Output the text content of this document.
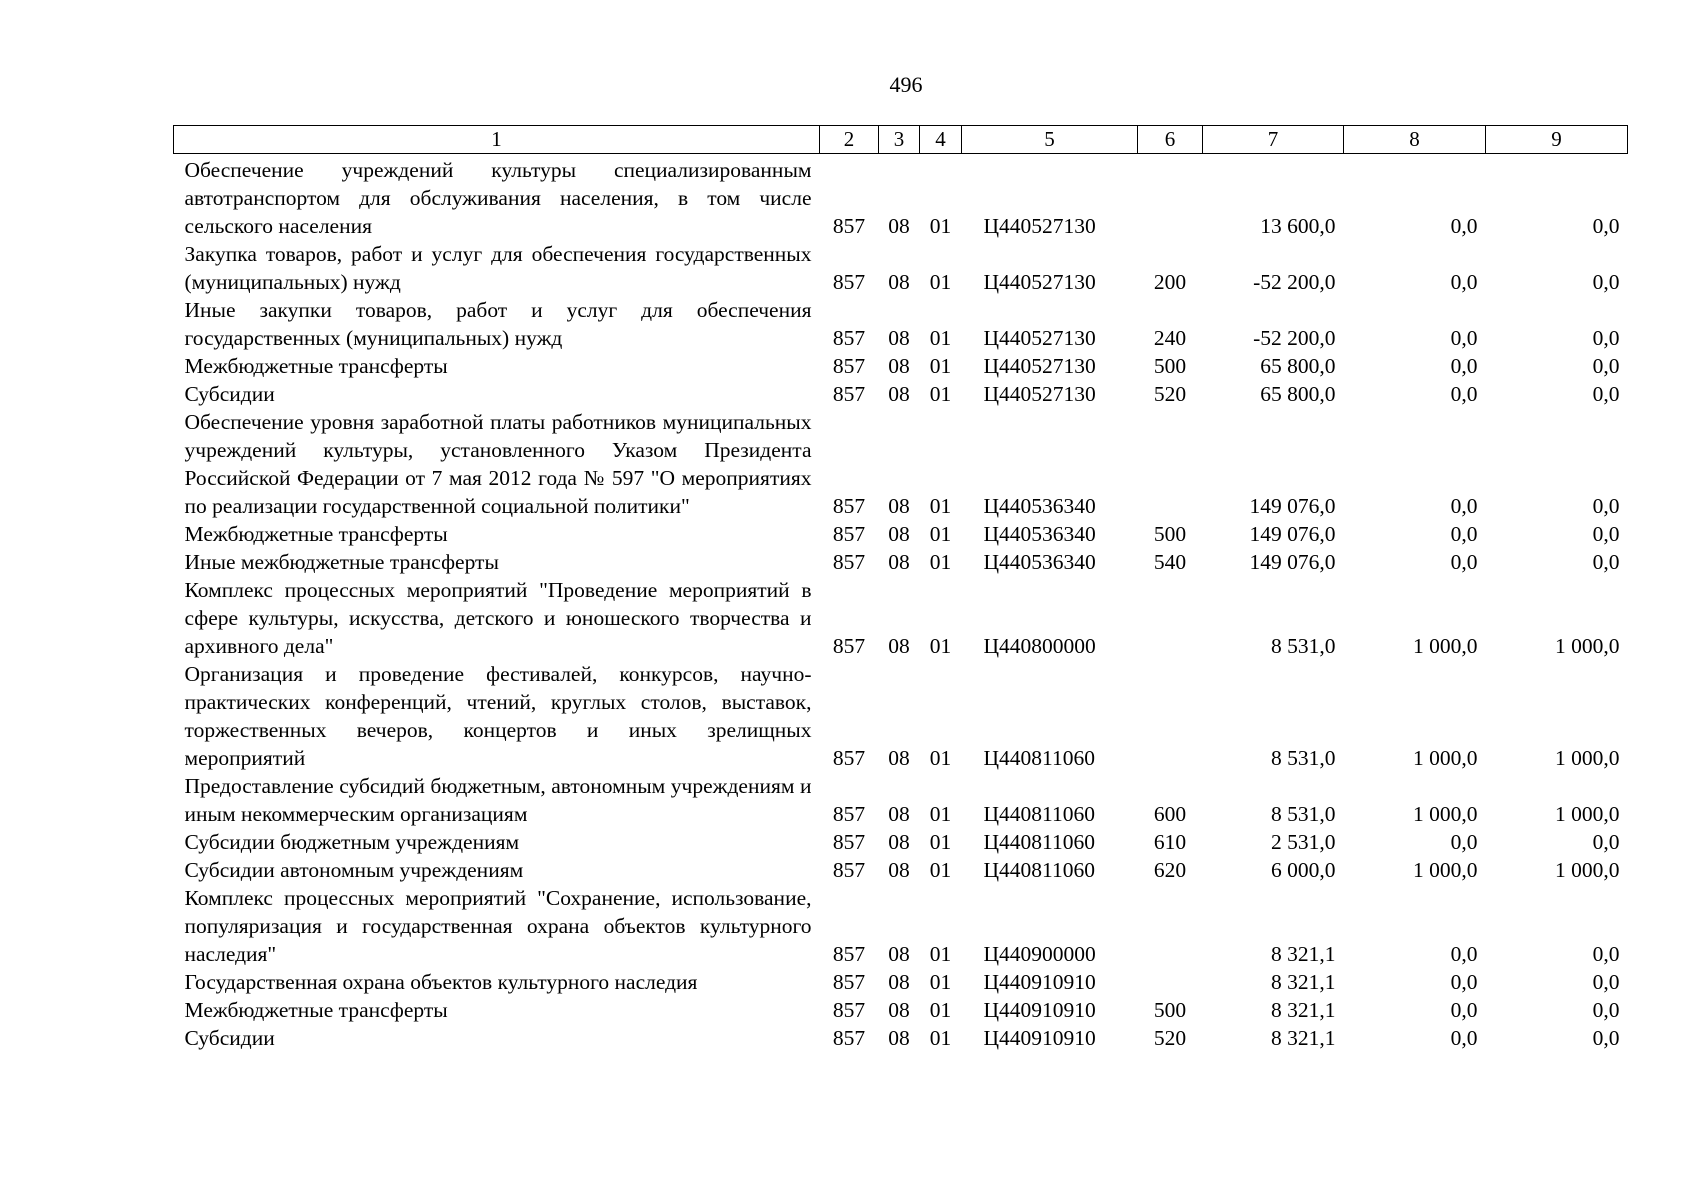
496
1	2	3	4	5	6	7	8	9
Обеспечение учреждений культуры специализированным автотранспортом для обслуживания населения, в том числе сельского населения	857	08	01	Ц440527130		13 600,0	0,0	0,0
Закупка товаров, работ и услуг для обеспечения государственных (муниципальных) нужд	857	08	01	Ц440527130	200	-52 200,0	0,0	0,0
Иные закупки товаров, работ и услуг для обеспечения государственных (муниципальных) нужд	857	08	01	Ц440527130	240	-52 200,0	0,0	0,0
Межбюджетные трансферты	857	08	01	Ц440527130	500	65 800,0	0,0	0,0
Субсидии	857	08	01	Ц440527130	520	65 800,0	0,0	0,0
Обеспечение уровня заработной платы работников муниципальных учреждений культуры, установленного Указом Президента Российской Федерации от 7 мая 2012 года № 597 "О мероприятиях по реализации государственной социальной политики"	857	08	01	Ц440536340		149 076,0	0,0	0,0
Межбюджетные трансферты	857	08	01	Ц440536340	500	149 076,0	0,0	0,0
Иные межбюджетные трансферты	857	08	01	Ц440536340	540	149 076,0	0,0	0,0
Комплекс процессных мероприятий "Проведение мероприятий в сфере культуры, искусства, детского и юношеского творчества и архивного дела"	857	08	01	Ц440800000		8 531,0	1 000,0	1 000,0
Организация и проведение фестивалей, конкурсов, научно-практических конференций, чтений, круглых столов, выставок, торжественных вечеров, концертов и иных зрелищных мероприятий	857	08	01	Ц440811060		8 531,0	1 000,0	1 000,0
Предоставление субсидий бюджетным, автономным учреждениям и иным некоммерческим организациям	857	08	01	Ц440811060	600	8 531,0	1 000,0	1 000,0
Субсидии бюджетным учреждениям	857	08	01	Ц440811060	610	2 531,0	0,0	0,0
Субсидии автономным учреждениям	857	08	01	Ц440811060	620	6 000,0	1 000,0	1 000,0
Комплекс процессных мероприятий "Сохранение, использование, популяризация и государственная охрана объектов культурного наследия"	857	08	01	Ц440900000		8 321,1	0,0	0,0
Государственная охрана объектов культурного наследия	857	08	01	Ц440910910		8 321,1	0,0	0,0
Межбюджетные трансферты	857	08	01	Ц440910910	500	8 321,1	0,0	0,0
Субсидии	857	08	01	Ц440910910	520	8 321,1	0,0	0,0
